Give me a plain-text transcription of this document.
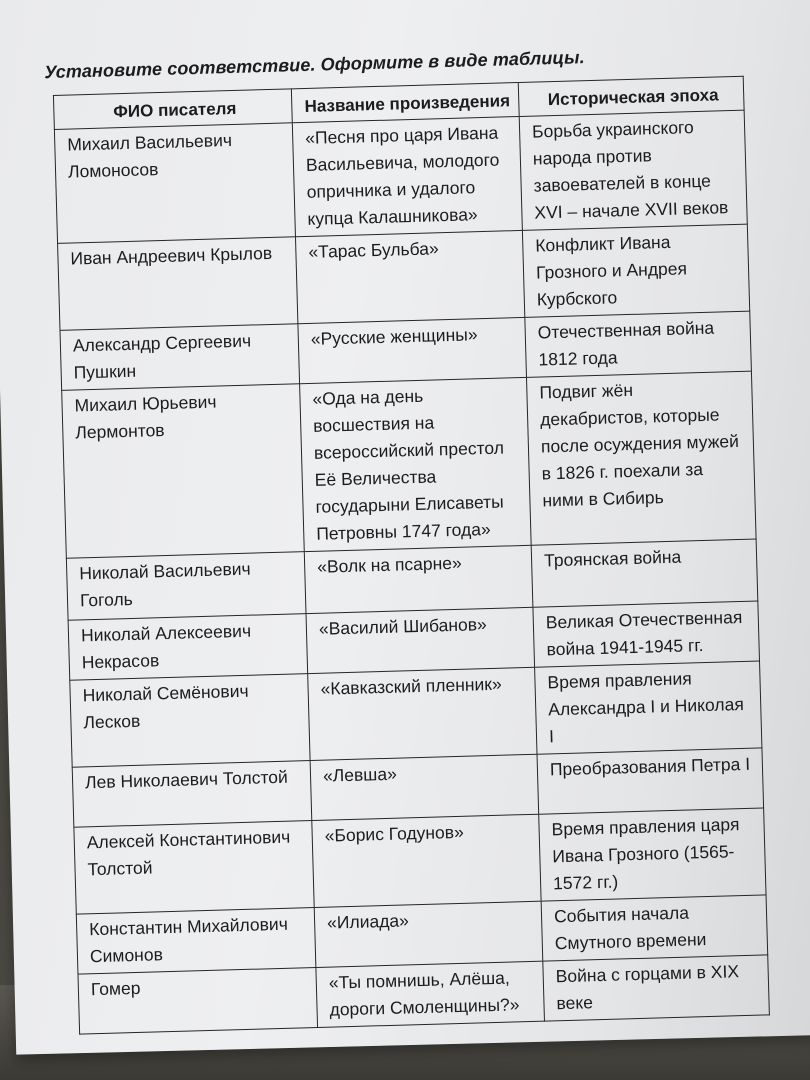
Установите соответствие. Оформите в виде таблицы.
ФИО писателя	Название произведения	Историческая эпоха
Михаил Васильевич Ломоносов	«Песня про царя Ивана Васильевича, молодого опричника и удалого купца Калашникова»	Борьба украинского народа против завоевателей в конце XVI – начале XVII веков
Иван Андреевич Крылов	«Тарас Бульба»	Конфликт Ивана Грозного и Андрея Курбского
Александр Сергеевич Пушкин	«Русские женщины»	Отечественная война 1812 года
Михаил Юрьевич Лермонтов	«Ода на день восшествия на всероссийский престол Её Величества государыни Елисаветы Петровны 1747 года»	Подвиг жён декабристов, которые после осуждения мужей в 1826 г. поехали за ними в Сибирь
Николай Васильевич Гоголь	«Волк на псарне»	Троянская война
Николай Алексеевич Некрасов	«Василий Шибанов»	Великая Отечественная война 1941-1945 гг.
Николай Семёнович Лесков	«Кавказский пленник»	Время правления Александра I и Николая I
Лев Николаевич Толстой	«Левша»	Преобразования Петра I
Алексей Константинович Толстой	«Борис Годунов»	Время правления царя Ивана Грозного (1565-1572 гг.)
Константин Михайлович Симонов	«Илиада»	События начала Смутного времени
Гомер	«Ты помнишь, Алёша, дороги Смоленщины?»	Война с горцами в XIX веке
